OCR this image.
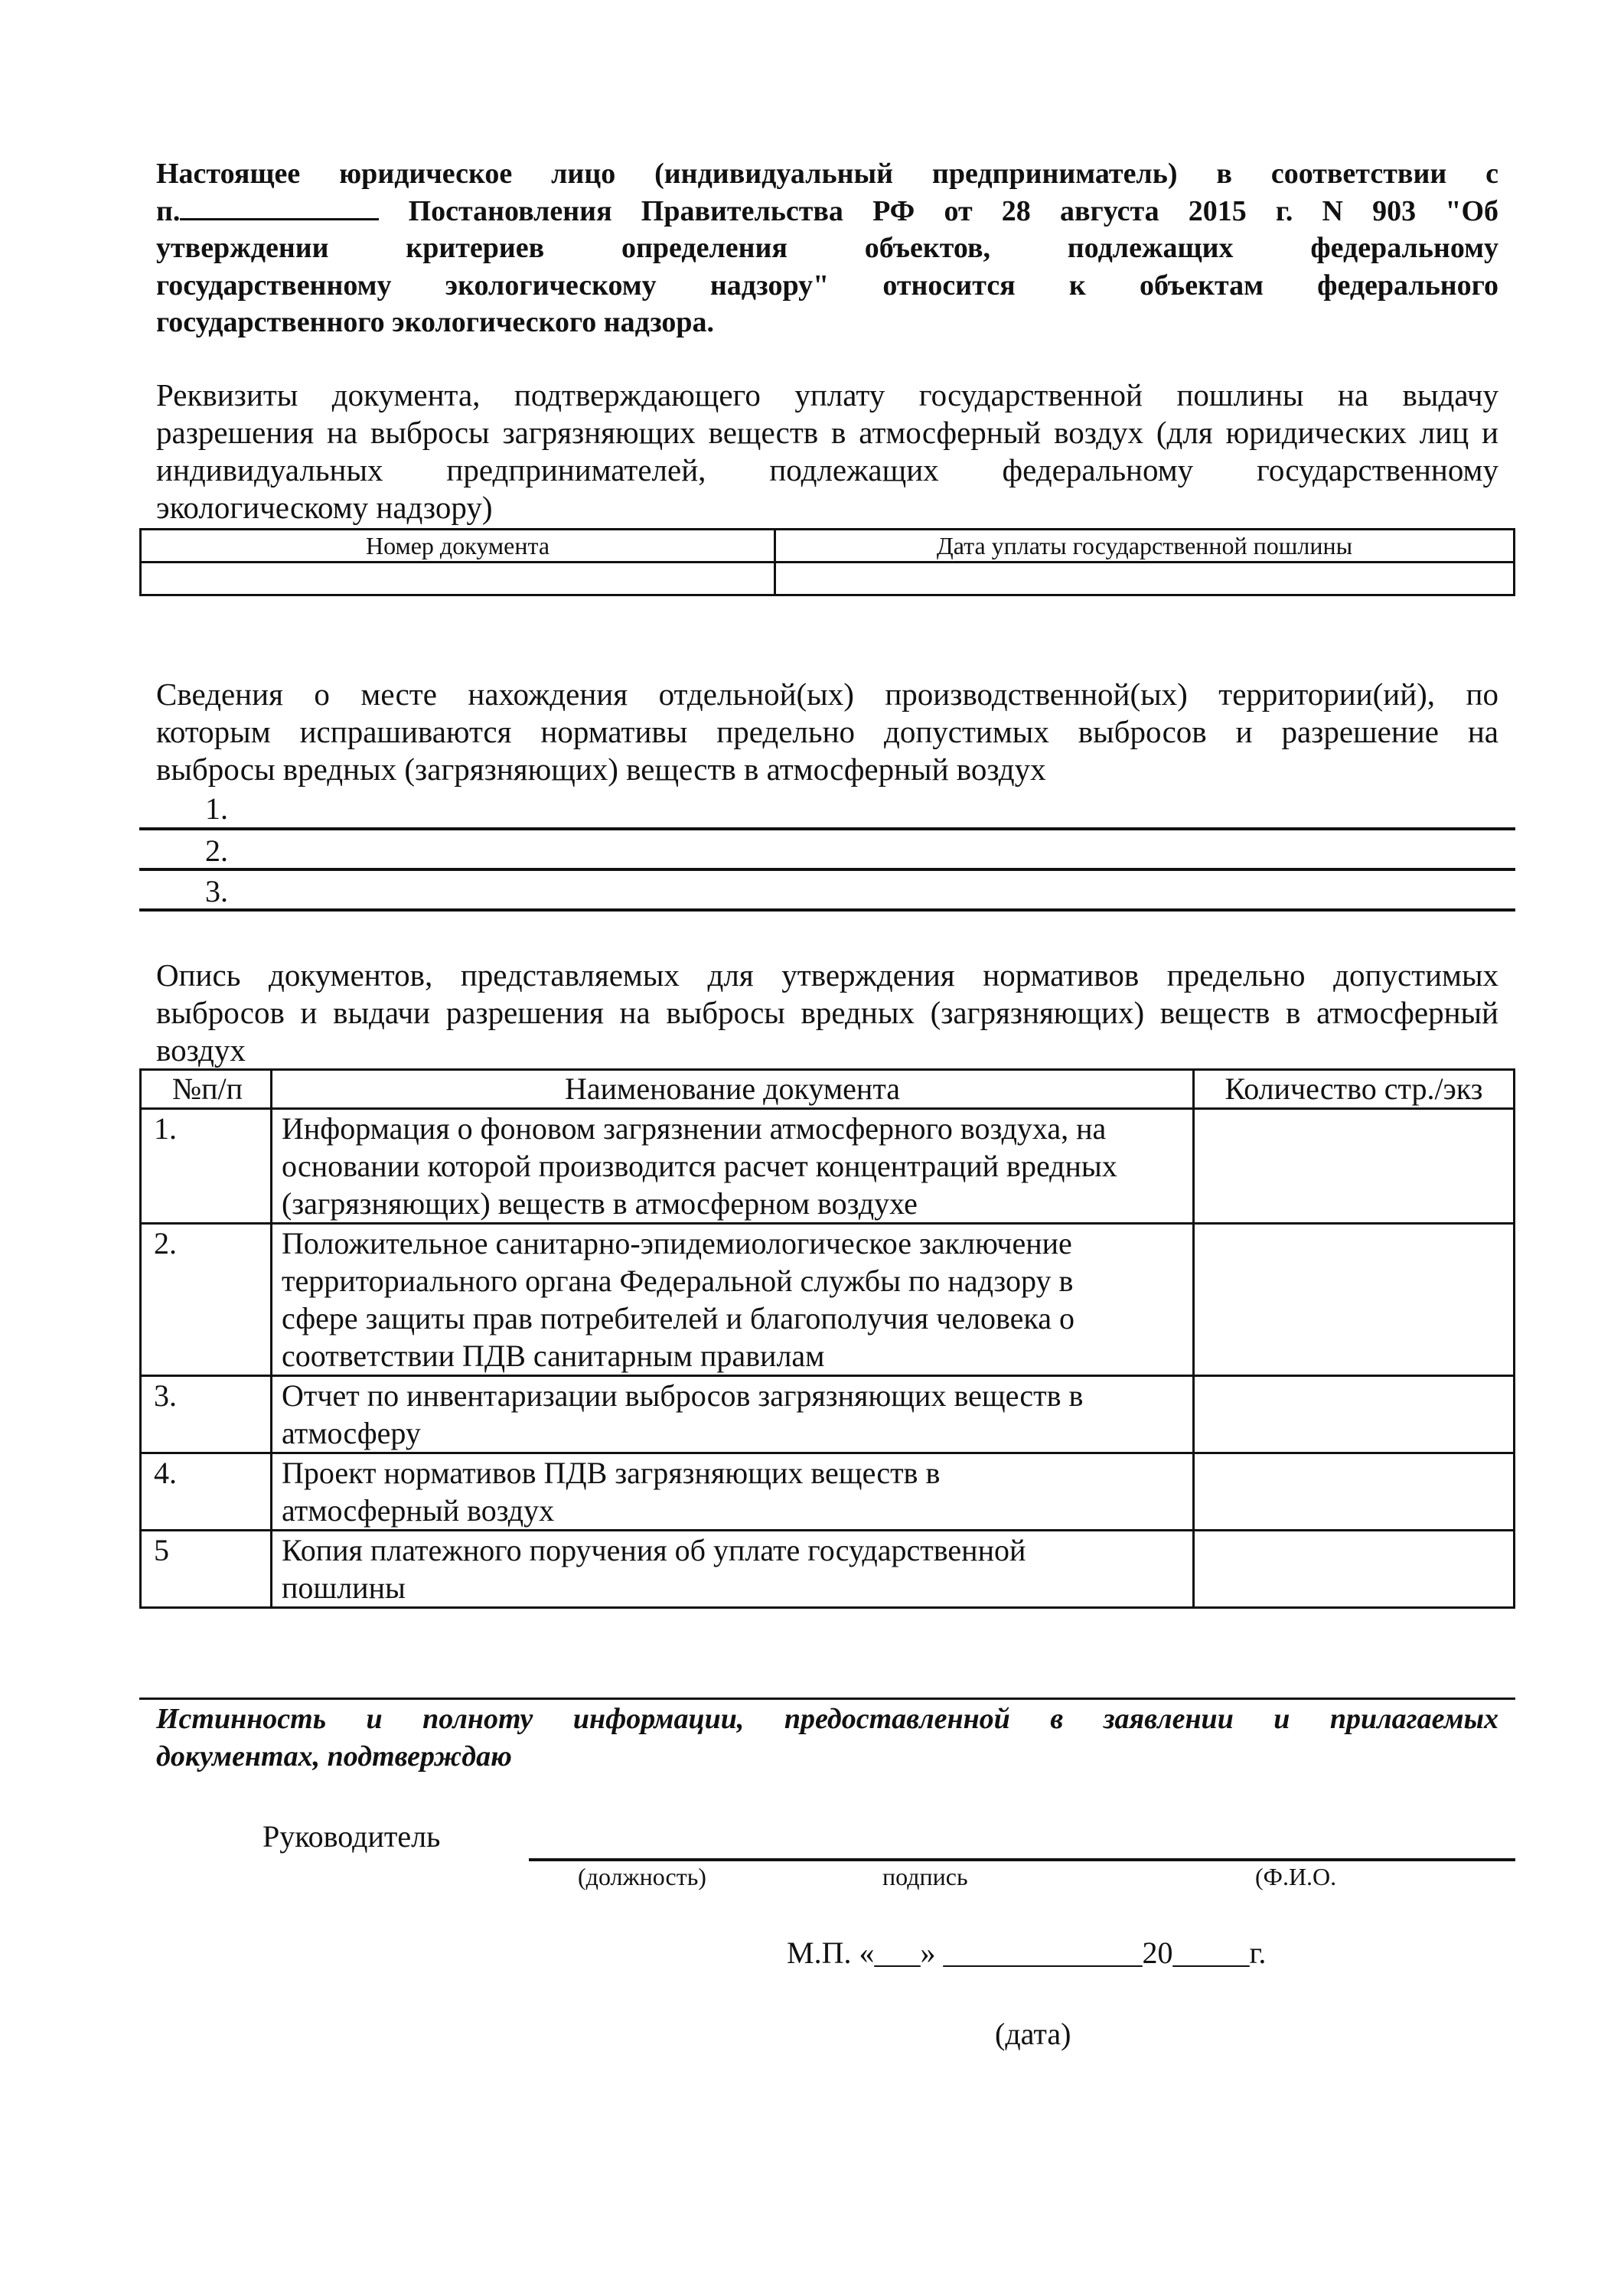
Настоящее юридическое лицо (индивидуальный предприниматель) в соответствии с
п.	Постановления Правительства РФ от 28 августа 2015 г. N 903 "Об
утверждении критериев определения объектов, подлежащих федеральному
государственному экологическому надзору" относится к объектам федерального
государственного экологического надзора.
Реквизиты документа, подтверждающего уплату государственной пошлины на выдачу
разрешения на выбросы загрязняющих веществ в атмосферный воздух (для юридических лиц и
индивидуальных предпринимателей, подлежащих федеральному государственному
экологическому надзору)
Номер документа	Дата уплаты государственной пошлины

Сведения о месте нахождения отдельной(ых) производственной(ых) территории(ий), по
которым испрашиваются нормативы предельно допустимых выбросов и разрешение на
выбросы вредных (загрязняющих) веществ в атмосферный воздух
1.
2.
3.
Опись документов, представляемых для утверждения нормативов предельно допустимых
выбросов и выдачи разрешения на выбросы вредных (загрязняющих) веществ в атмосферный
воздух
№п/п	Наименование документа	Количество стр./экз
1.	Информация о фоновом загрязнении атмосферного воздуха, на
основании которой производится расчет концентраций вредных
(загрязняющих) веществ в атмосферном воздухе	

2.	Положительное санитарно-эпидемиологическое заключение
территориального органа Федеральной службы по надзору в
сфере защиты прав потребителей и благополучия человека о
соответствии ПДВ санитарным правилам	

3.	Отчет по инвентаризации выбросов загрязняющих веществ в
атмосферу	

4.	Проект нормативов ПДВ загрязняющих веществ в
атмосферный воздух	

5	Копия платежного поручения об уплате государственной
пошлины	

Истинность и полноту информации, предоставленной в заявлении и прилагаемых
документах, подтверждаю
Руководитель
(должность)	подпись	(Ф.И.О.
М.П. «___» _____________20_____г.
(дата)
